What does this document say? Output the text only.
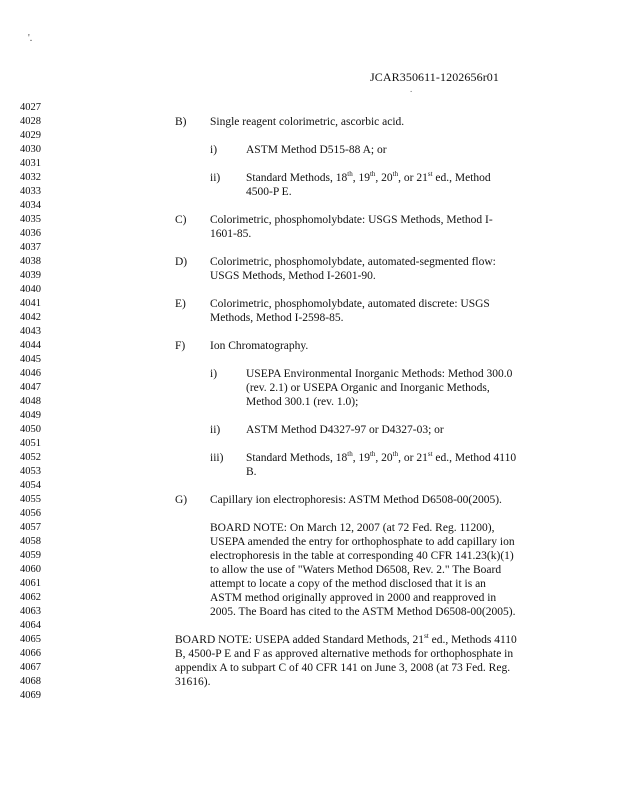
'.
JCAR350611-1202656r01
.
4027
4028
4029
4030
4031
4032
4033
4034
4035
4036
4037
4038
4039
4040
4041
4042
4043
4044
4045
4046
4047
4048
4049
4050
4051
4052
4053
4054
4055
4056
4057
4058
4059
4060
4061
4062
4063
4064
4065
4066
4067
4068
4069
B) Single reagent colorimetric, ascorbic acid.
i)	ASTM Method D515-88 A; or
ii) Standard Methods, 18th, 19th, 20th, or 21st ed., Method
4500-P E.
C) Colorimetric, phosphomolybdate: USGS Methods, Method I-
1601-85.
D) Colorimetric, phosphomolybdate, automated-segmented flow:
USGS Methods, Method I-2601-90.
E) Colorimetric, phosphomolybdate, automated discrete: USGS
Methods, Method I-2598-85.
F) Ion Chromatography.
i)	USEPA Environmental Inorganic Methods: Method 300.0
(rev. 2.1) or USEPA Organic and Inorganic Methods,
Method 300.1 (rev. 1.0);
ii) ASTM Method D4327-97 or D4327-03; or
iii) Standard Methods, 18th, 19th, 20th, or 21st ed., Method 4110
B.
G) Capillary ion electrophoresis: ASTM Method D6508-00(2005).
BOARD NOTE: On March 12, 2007 (at 72 Fed. Reg. 11200),
USEPA amended the entry for orthophosphate to add capillary ion
electrophoresis in the table at corresponding 40 CFR 141.23(k)(1)
to allow the use of "Waters Method D6508, Rev. 2." The Board
attempt to locate a copy of the method disclosed that it is an
ASTM method originally approved in 2000 and reapproved in
2005. The Board has cited to the ASTM Method D6508-00(2005).
BOARD NOTE: USEPA added Standard Methods, 21st ed., Methods 4110
B, 4500-P E and F as approved alternative methods for orthophosphate in
appendix A to subpart C of 40 CFR 141 on June 3, 2008 (at 73 Fed. Reg.
31616).
